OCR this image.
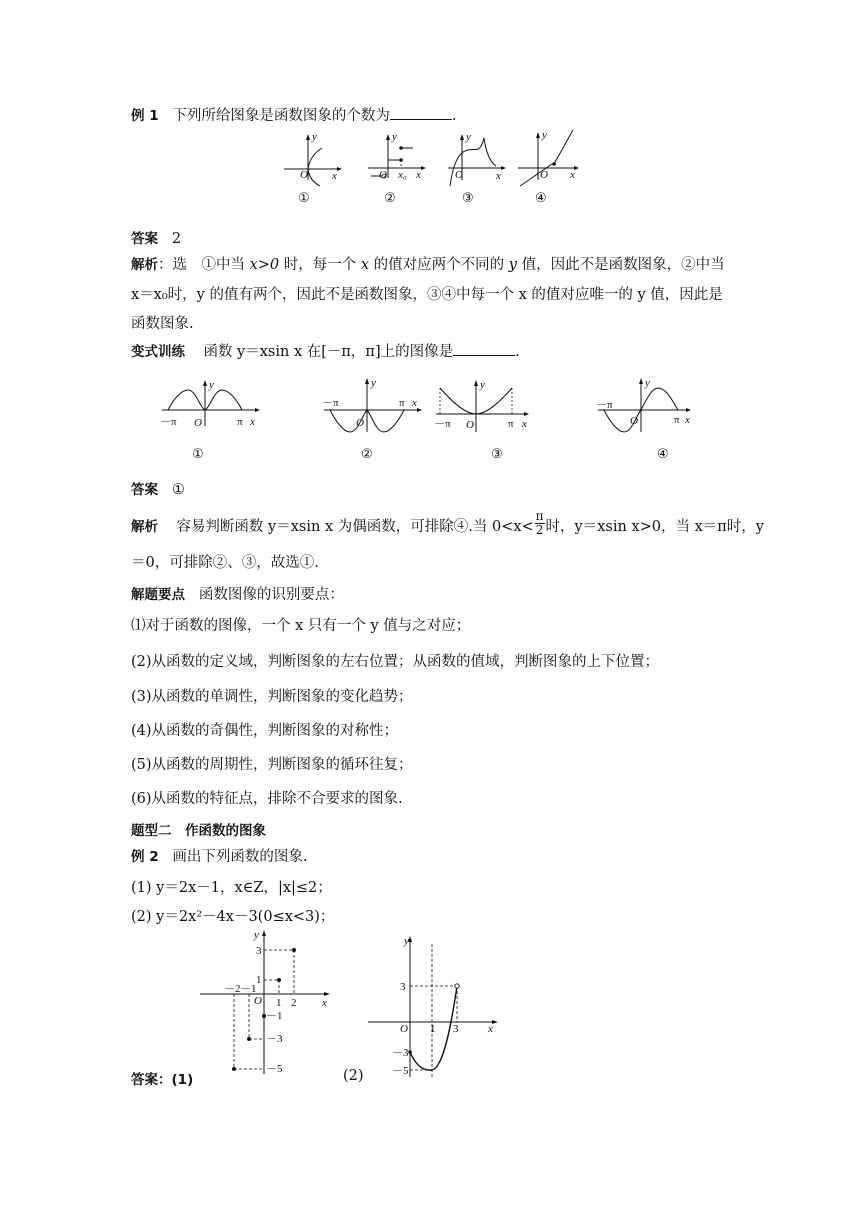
例 1 下列所给图象是函数图象的个数为	.
O x
y
O x₀ x
y
O	x
y
O x
y
①	②	③	④
答案 2
解析：选　①中当 x>0 时，每一个 x 的值对应两个不同的 y 值，因此不是函数图象，②中当
x＝x₀时，y 的值有两个，因此不是函数图象，③④中每一个 x 的值对应唯一的 y 值，因此是
函数图象.
变式训练 函数 y＝xsin x 在[－π，π]上的图像是	.
－π O	π x
y
－π
O
π x
y
－π O	π x
y
－π
O	π x
y
①	②	③	④
答案 ①
解析 容易判断函数 y＝xsin x 为偶函数，可排除④.当 $0<x< \frac{\pi}{2}$ 时，y＝xsin x>0，当 x＝π时，y
＝0，可排除②、③，故选①.
解题要点 函数图像的识别要点：
⑴对于函数的图像，一个 x 只有一个 y 值与之对应；
(2)从函数的定义域，判断图象的左右位置；从函数的值域，判断图象的上下位置；
(3)从函数的单调性，判断图象的变化趋势；
(4)从函数的奇偶性，判断图象的对称性；
(5)从函数的周期性，判断图象的循环往复；
(6)从函数的特征点，排除不合要求的图象.
题型二　作函数的图象
例 2 画出下列函数的图象.
(1) y＝2x－1，x∈Z，|x|≤2；
(2) y＝2x²－4x－3(0≤x<3)；
y
3
1
－2 －1
O 1 2 x
－1
－3
－5
y
3
O 1 3	x
－3
－5
答案：(1)	(2)
